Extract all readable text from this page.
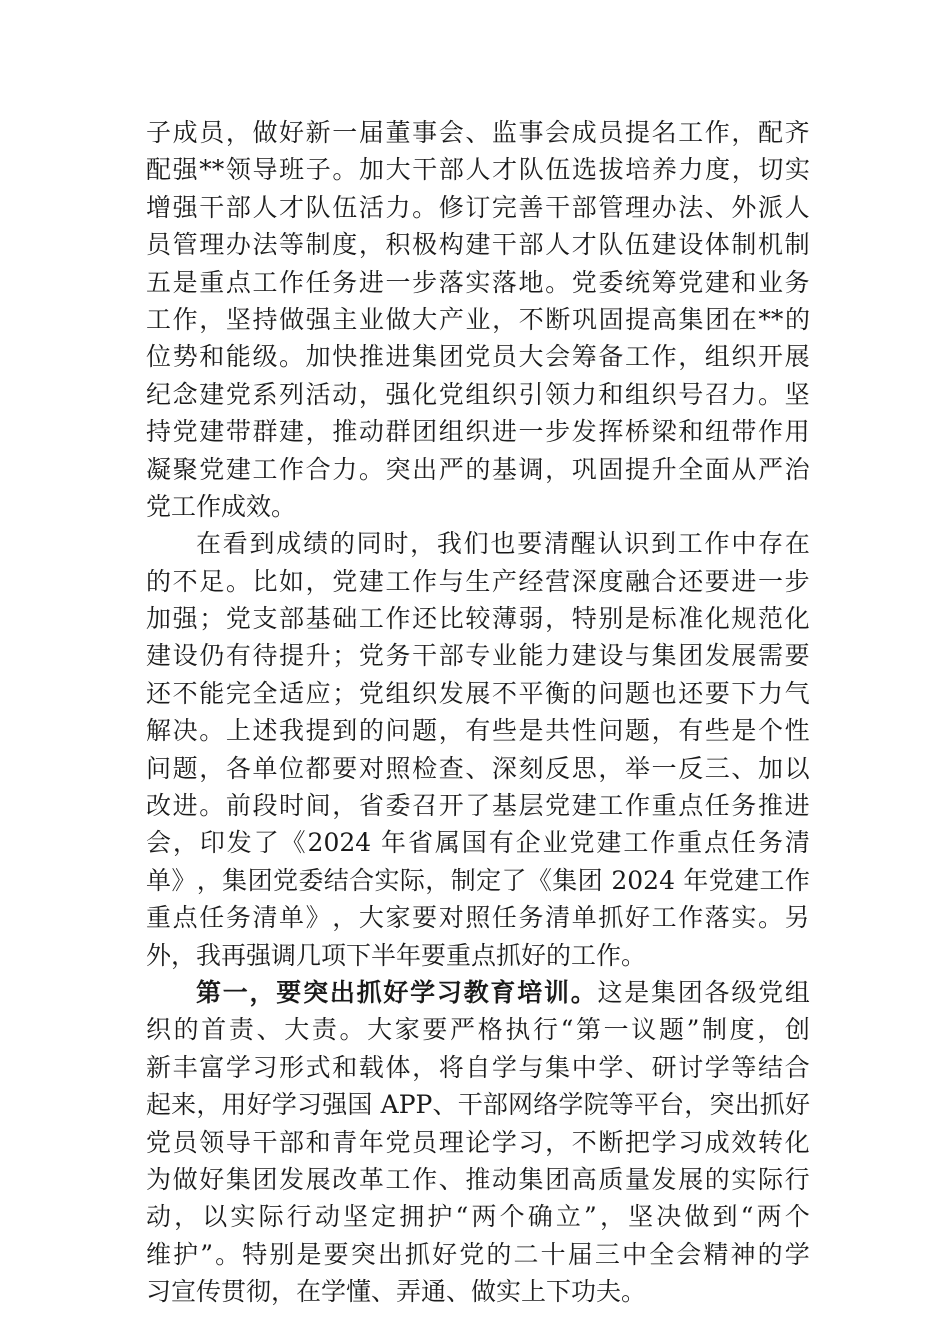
子成员，做好新一届董事会、监事会成员提名工作，配齐
配强**领导班子。加大干部人才队伍选拔培养力度，切实
增强干部人才队伍活力。修订完善干部管理办法、外派人
员管理办法等制度，积极构建干部人才队伍建设体制机制
五是重点工作任务进一步落实落地。党委统筹党建和业务
工作，坚持做强主业做大产业，不断巩固提高集团在**的
位势和能级。加快推进集团党员大会筹备工作，组织开展
纪念建党系列活动，强化党组织引领力和组织号召力。坚
持党建带群建，推动群团组织进一步发挥桥梁和纽带作用
凝聚党建工作合力。突出严的基调，巩固提升全面从严治
党工作成效。
在看到成绩的同时，我们也要清醒认识到工作中存在
的不足。比如，党建工作与生产经营深度融合还要进一步
加强；党支部基础工作还比较薄弱，特别是标准化规范化
建设仍有待提升；党务干部专业能力建设与集团发展需要
还不能完全适应；党组织发展不平衡的问题也还要下力气
解决。上述我提到的问题，有些是共性问题，有些是个性
问题，各单位都要对照检查、深刻反思，举一反三、加以
改进。前段时间，省委召开了基层党建工作重点任务推进
会，印发了《2024 年省属国有企业党建工作重点任务清
单》，集团党委结合实际，制定了《集团 2024 年党建工作
重点任务清单》，大家要对照任务清单抓好工作落实。另
外，我再强调几项下半年要重点抓好的工作。
第一，要突出抓好学习教育培训。这是集团各级党组
织的首责、大责。大家要严格执行“第一议题”制度，创
新丰富学习形式和载体，将自学与集中学、研讨学等结合
起来，用好学习强国 APP、干部网络学院等平台，突出抓好
党员领导干部和青年党员理论学习，不断把学习成效转化
为做好集团发展改革工作、推动集团高质量发展的实际行
动，以实际行动坚定拥护“两个确立”，坚决做到“两个
维护”。特别是要突出抓好党的二十届三中全会精神的学
习宣传贯彻，在学懂、弄通、做实上下功夫。
